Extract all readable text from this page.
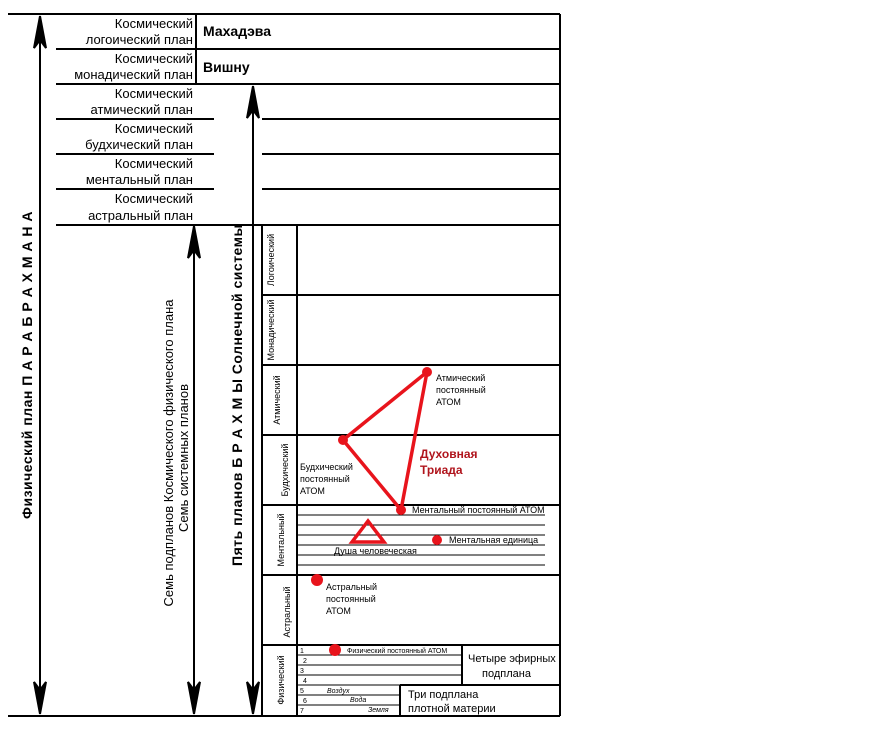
Космический
логоический план
Космический
монадический план
Космический
атмический план
Космический
будхический план
Космический
ментальный план
Космический
астральный план
Махадэва
Вишну
Физический план П А Р А Б Р А Х М А Н А	Семь подпланов Космического физического плана Семь системных планов	Пять планов Б Р А Х М Ы Солнечной системы Логоический
Монадический
Атмический
Будхический
Ментальный
Астральный
Физический
Атмический
постоянный
АТОМ
Будхический
постоянный
АТОМ
Ментальный постоянный АТОМ
Ментальная единица
Душа человеческая
Астральный
постоянный
АТОМ
Физический постоянный АТОМ
Духовная
Триада
1
2
3
4
5
6
7
Воздух
Вода
Земля
Четыре эфирных
подплана
Три подплана
плотной материи
